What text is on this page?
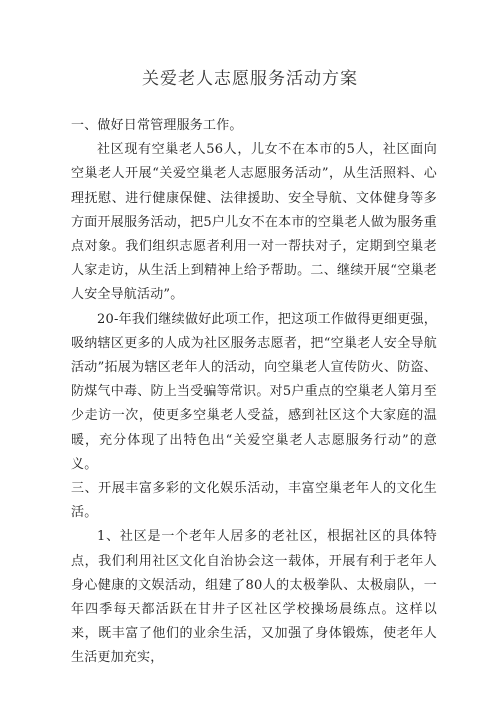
关爱老人志愿服务活动方案

一、做好日常管理服务工作。

社区现有空巢老人56人，儿女不在本市的5人，社区面向空巢老人开展“关爱空巢老人志愿服务活动”，从生活照料、心理抚慰、进行健康保健、法律援助、安全导航、文体健身等多方面开展服务活动，把5户儿女不在本市的空巢老人做为服务重点对象。我们组织志愿者利用一对一帮扶对子，定期到空巢老人家走访，从生活上到精神上给予帮助。二、继续开展“空巢老人安全导航活动”。

20-年我们继续做好此项工作，把这项工作做得更细更强，吸纳辖区更多的人成为社区服务志愿者，把“空巢老人安全导航活动”拓展为辖区老年人的活动，向空巢老人宣传防火、防盗、防煤气中毒、防上当受骗等常识。对5户重点的空巢老人第月至少走访一次，使更多空巢老人受益，感到社区这个大家庭的温暖，充分体现了出特色出“关爱空巢老人志愿服务行动”的意义。

三、开展丰富多彩的文化娱乐活动，丰富空巢老年人的文化生活。

1、社区是一个老年人居多的老社区，根据社区的具体特点，我们利用社区文化自治协会这一载体，开展有利于老年人身心健康的文娱活动，组建了80人的太极拳队、太极扇队，一年四季每天都活跃在甘井子区社区学校操场晨练点。这样以来，既丰富了他们的业余生活，又加强了身体锻炼，使老年人生活更加充实，
